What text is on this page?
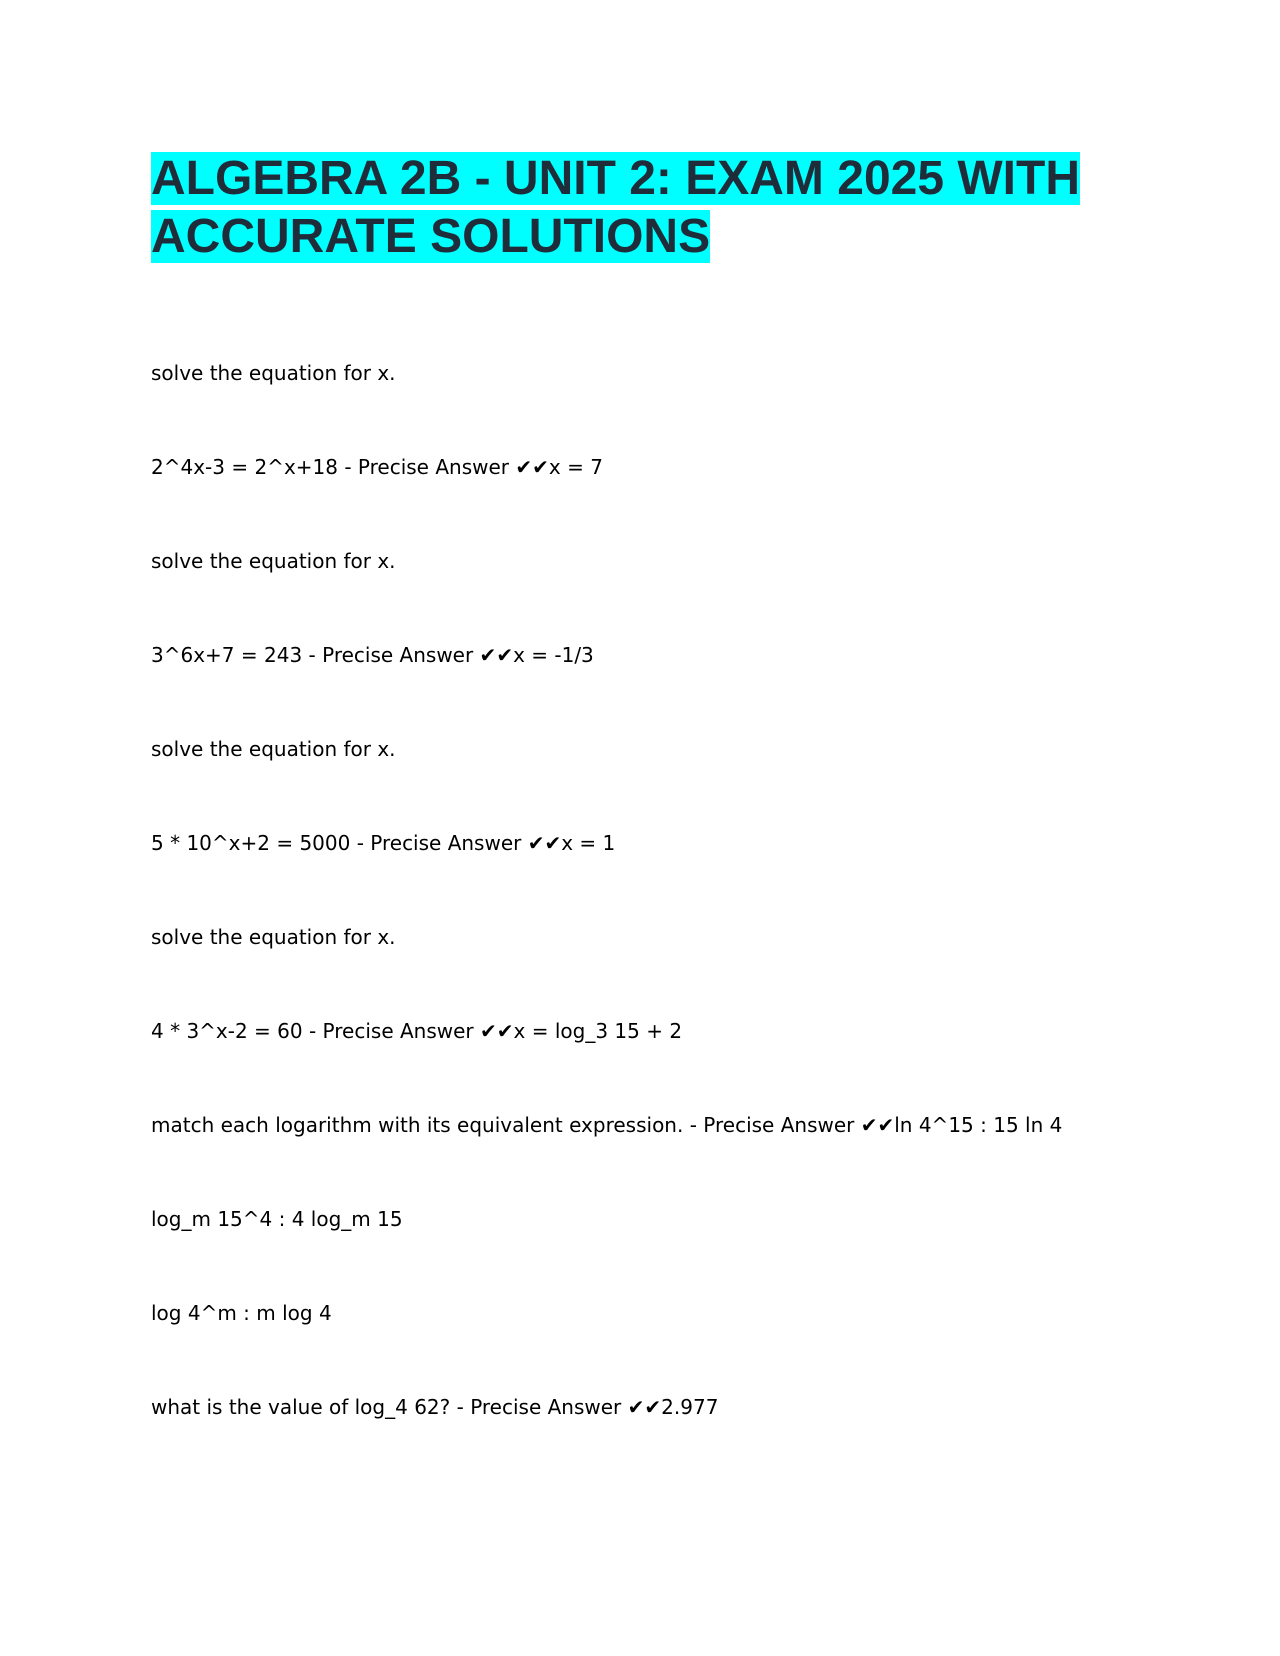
ALGEBRA 2B - UNIT 2: EXAM 2025 WITH
ACCURATE SOLUTIONS
solve the equation for x.
2^4x-3 = 2^x+18 - Precise Answer ✔✔x = 7
solve the equation for x.
3^6x+7 = 243 - Precise Answer ✔✔x = -1/3
solve the equation for x.
5 * 10^x+2 = 5000 - Precise Answer ✔✔x = 1
solve the equation for x.
4 * 3^x-2 = 60 - Precise Answer ✔✔x = log_3 15 + 2
match each logarithm with its equivalent expression. - Precise Answer ✔✔ln 4^15 : 15 ln 4
log_m 15^4 : 4 log_m 15
log 4^m : m log 4
what is the value of log_4 62? - Precise Answer ✔✔2.977
